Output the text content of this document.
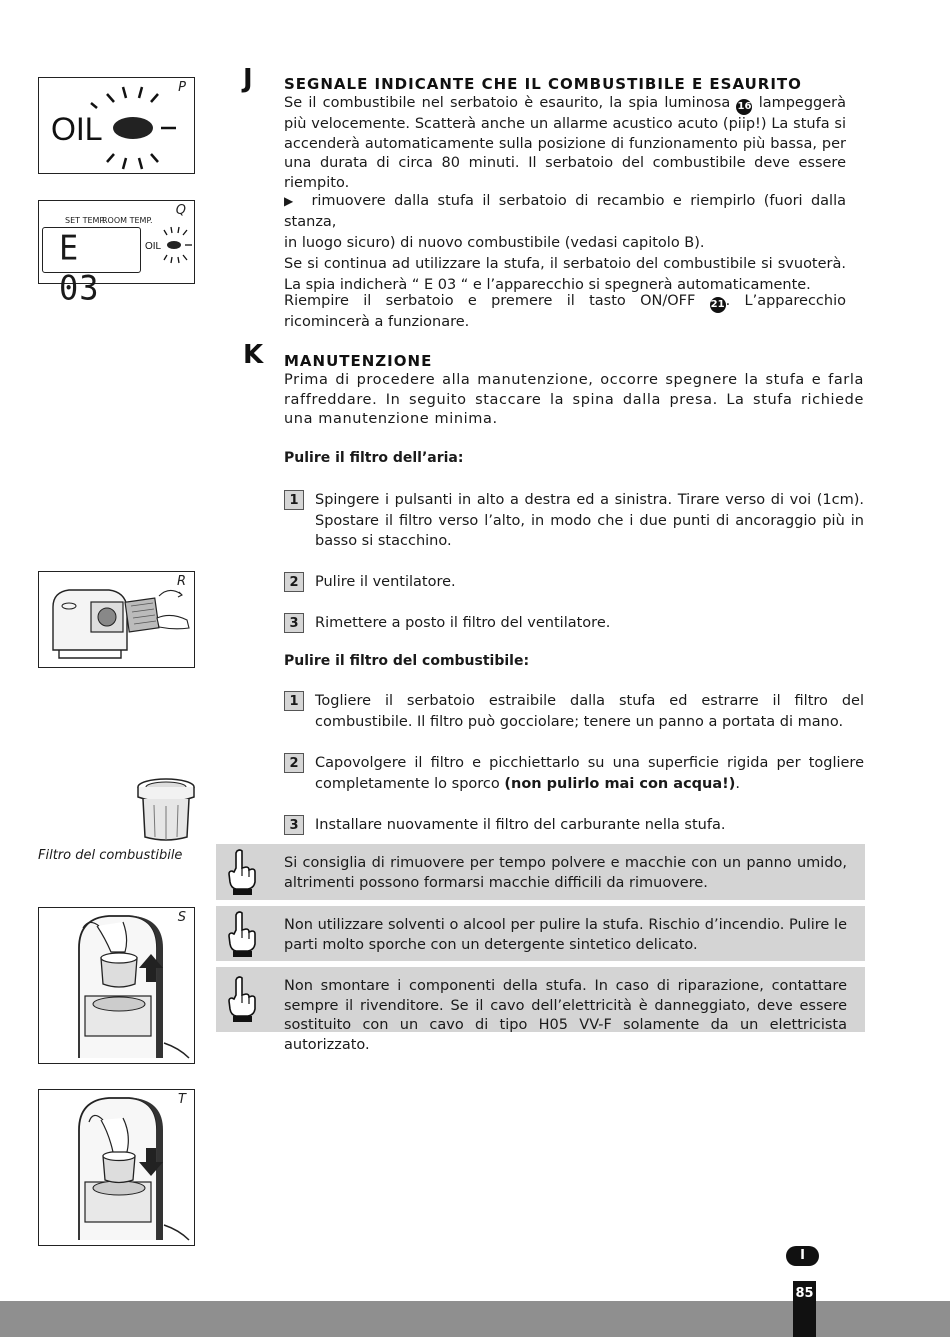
P
OIL
Q
SET TEMP.
ROOM TEMP.
E 03
OIL
R
Filtro del combustibile
S
T
J SEGNALE INDICANTE CHE IL COMBUSTIBILE E ESAURITO
Se il combustibile nel serbatoio è esaurito, la spia luminosa 16 lampeggerà più velocemente. Scatterà anche un allarme acustico acuto (piip!) La stufa si accenderà automaticamente sulla posizione di funzionamento più bassa, per una durata di circa 80 minuti. Il serbatoio del combustibile deve essere riempito.
▶ rimuovere dalla stufa il serbatoio di recambio e riempirlo (fuori dalla stanza,
in luogo sicuro) di nuovo combustibile (vedasi capitolo B).
Se si continua ad utilizzare la stufa, il serbatoio del combustibile si svuoterà. La spia indicherà “ E 03 “ e l’apparecchio si spegnerà automaticamente.
Riempire il serbatoio e premere il tasto ON/OFF 21. L’apparecchio ricomincerà a funzionare.
K MANUTENZIONE
Prima di procedere alla manutenzione, occorre spegnere la stufa e farla raffreddare. In seguito staccare la spina dalla presa. La stufa richiede una manutenzione minima.
Pulire il filtro dell’aria:
1	Spingere i pulsanti in alto a destra ed a sinistra. Tirare verso di voi (1cm). Spostare il filtro verso l’alto, in modo che i due punti di ancoraggio più in basso si stacchino.
2	Pulire il ventilatore.
3	Rimettere a posto il filtro del ventilatore.
Pulire il filtro del combustibile:
1	Togliere il serbatoio estraibile dalla stufa ed estrarre il filtro del combustibile. Il filtro può gocciolare; tenere un panno a portata di mano.
2	Capovolgere il filtro e picchiettarlo su una superficie rigida per togliere completamente lo sporco (non pulirlo mai con acqua!).
3	Installare nuovamente il filtro del carburante nella stufa.
Si consiglia di rimuovere per tempo polvere e macchie con un panno umido, altrimenti possono formarsi macchie difficili da rimuovere.
Non utilizzare solventi o alcool per pulire la stufa. Rischio d’incendio. Pulire le parti molto sporche con un detergente sintetico delicato.
Non smontare i componenti della stufa. In caso di riparazione, contattare sempre il rivenditore. Se il cavo dell’elettricità è danneggiato, deve essere sostituito con un cavo di tipo H05 VV-F solamente da un elettricista autorizzato.
I
85
